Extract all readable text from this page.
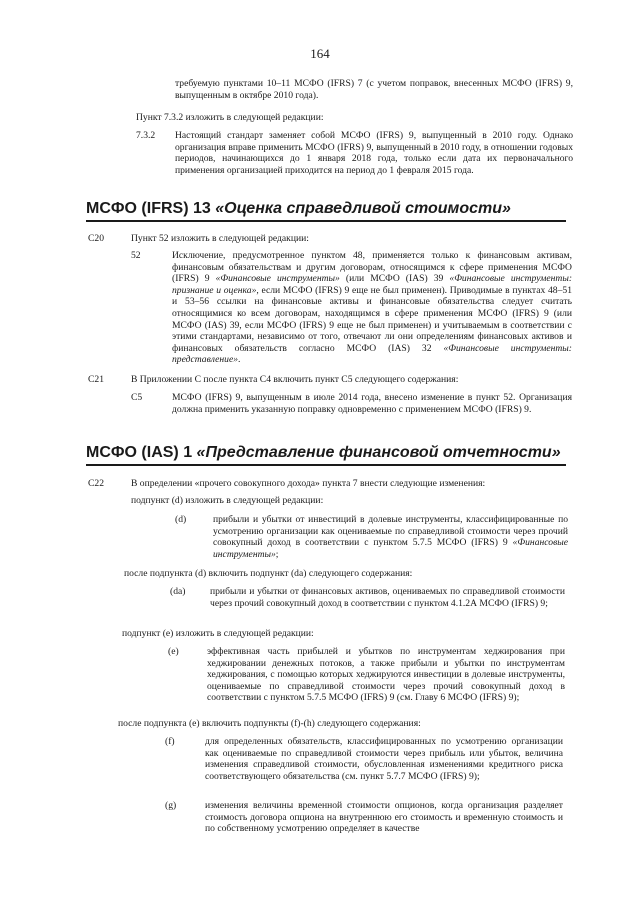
164
требуемую пунктами 10–11 МСФО (IFRS) 7 (с учетом поправок, внесенных МСФО (IFRS) 9, выпущенным в октябре 2010 года).
Пункт 7.3.2 изложить в следующей редакции:
7.3.2 Настоящий стандарт заменяет собой МСФО (IFRS) 9, выпущенный в 2010 году. Однако организация вправе применить МСФО (IFRS) 9, выпущенный в 2010 году, в отношении годовых периодов, начинающихся до 1 января 2018 года, только если дата их первоначального применения организацией приходится на период до 1 февраля 2015 года.
МСФО (IFRS) 13 «Оценка справедливой стоимости»
C20	Пункт 52 изложить в следующей редакции:
52	Исключение, предусмотренное пунктом 48, применяется только к финансовым активам, финансовым обязательствам и другим договорам, относящимся к сфере применения МСФО (IFRS) 9 «Финансовые инструменты» (или МСФО (IAS) 39 «Финансовые инструменты: признание и оценка», если МСФО (IFRS) 9 еще не был применен). Приводимые в пунктах 48–51 и 53–56 ссылки на финансовые активы и финансовые обязательства следует считать относящимися ко всем договорам, находящимся в сфере применения МСФО (IFRS) 9 (или МСФО (IAS) 39, если МСФО (IFRS) 9 еще не был применен) и учитываемым в соответствии с этими стандартами, независимо от того, отвечают ли они определениям финансовых активов и финансовых обязательств согласно МСФО (IAS) 32 «Финансовые инструменты: представление».
C21	В Приложении С после пункта С4 включить пункт С5 следующего содержания:
C5	МСФО (IFRS) 9, выпущенным в июле 2014 года, внесено изменение в пункт 52. Организация должна применить указанную поправку одновременно с применением МСФО (IFRS) 9.
МСФО (IAS) 1 «Представление финансовой отчетности»
C22	В определении «прочего совокупного дохода» пункта 7 внести следующие изменения:
подпункт (d) изложить в следующей редакции:
(d)	прибыли и убытки от инвестиций в долевые инструменты, классифицированные по усмотрению организации как оцениваемые по справедливой стоимости через прочий совокупный доход в соответствии с пунктом 5.7.5 МСФО (IFRS) 9 «Финансовые инструменты»;
после подпункта (d) включить подпункт (da) следующего содержания:
(da)	прибыли и убытки от финансовых активов, оцениваемых по справедливой стоимости через прочий совокупный доход в соответствии с пунктом 4.1.2А МСФО (IFRS) 9;
подпункт (е) изложить в следующей редакции:
(е)	эффективная часть прибылей и убытков по инструментам хеджирования при хеджировании денежных потоков, а также прибыли и убытки по инструментам хеджирования, с помощью которых хеджируются инвестиции в долевые инструменты, оцениваемые по справедливой стоимости через прочий совокупный доход в соответствии с пунктом 5.7.5 МСФО (IFRS) 9 (см. Главу 6 МСФО (IFRS) 9);
после подпункта (е) включить подпункты (f)-(h) следующего содержания:
(f)	для определенных обязательств, классифицированных по усмотрению организации как оцениваемые по справедливой стоимости через прибыль или убыток, величина изменения справедливой стоимости, обусловленная изменениями кредитного риска соответствующего обязательства (см. пункт 5.7.7 МСФО (IFRS) 9);
(g)	изменения величины временной стоимости опционов, когда организация разделяет стоимость договора опциона на внутреннюю его стоимость и временную стоимость и по собственному усмотрению определяет в качестве
